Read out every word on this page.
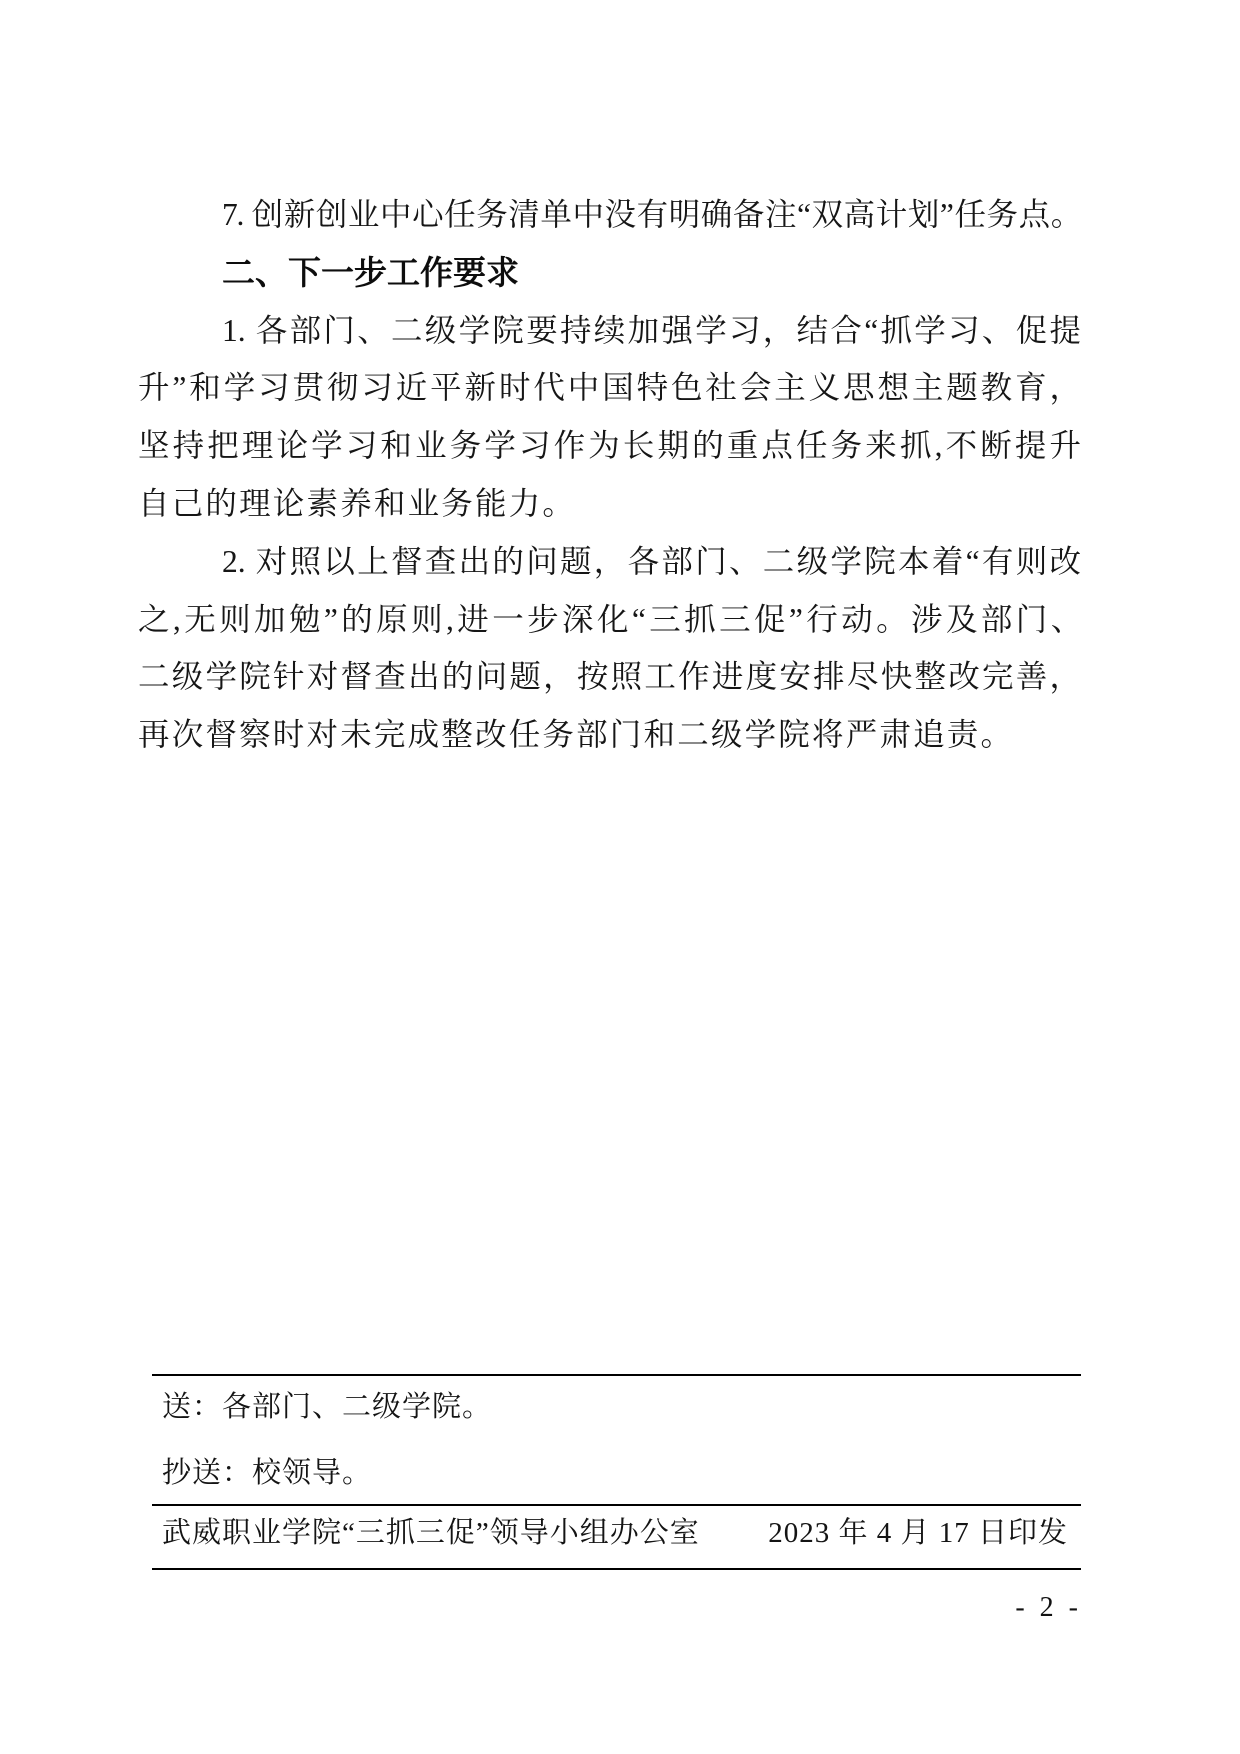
7. 创新创业中心任务清单中没有明确备注“双高计划”任务点。
二、下一步工作要求
1. 各部门、二级学院要持续加强学习，结合“抓学习、促提
升”和学习贯彻习近平新时代中国特色社会主义思想主题教育，
坚持把理论学习和业务学习作为长期的重点任务来抓,不断提升
自己的理论素养和业务能力。
2. 对照以上督查出的问题，各部门、二级学院本着“有则改
之,无则加勉”的原则,进一步深化“三抓三促”行动。涉及部门、
二级学院针对督查出的问题，按照工作进度安排尽快整改完善，
再次督察时对未完成整改任务部门和二级学院将严肃追责。
送：各部门、二级学院。
抄送：校领导。
武威职业学院“三抓三促”领导小组办公室 2023 年 4 月 17 日印发
- 2 -
